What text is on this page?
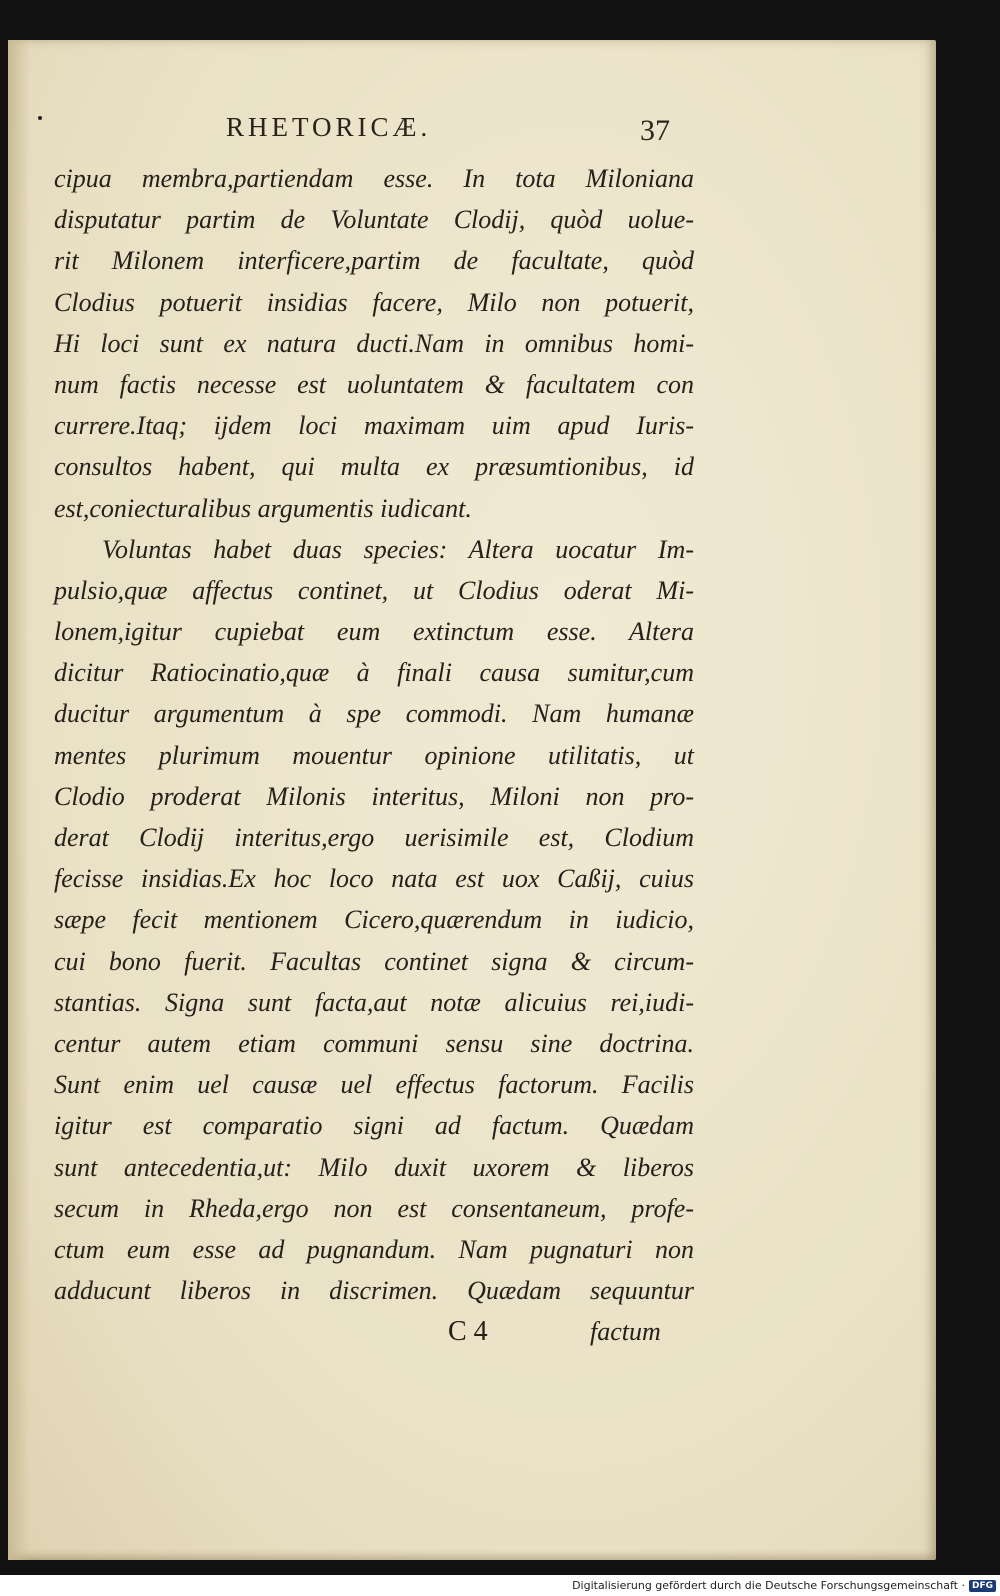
RHETORICÆ.	37
cipua membra,partiendam esse. In tota Miloniana
disputatur partim de Voluntate Clodij, quòd uolue-
rit Milonem interficere,partim de facultate, quòd
Clodius potuerit insidias facere, Milo non potuerit,
Hi loci sunt ex natura ducti.Nam in omnibus homi-
num factis necesse est uoluntatem & facultatem con
currere.Itaq; ijdem loci maximam uim apud Iuris-
consultos habent, qui multa ex præsumtionibus, id
est,coniecturalibus argumentis iudicant.
Voluntas habet duas species: Altera uocatur Im-
pulsio,quæ affectus continet, ut Clodius oderat Mi-
lonem,igitur cupiebat eum extinctum esse. Altera
dicitur Ratiocinatio,quæ à finali causa sumitur,cum
ducitur argumentum à spe commodi. Nam humanæ
mentes plurimum mouentur opinione utilitatis, ut
Clodio proderat Milonis interitus, Miloni non pro-
derat Clodij interitus,ergo uerisimile est, Clodium
fecisse insidias.Ex hoc loco nata est uox Caßij, cuius
sæpe fecit mentionem Cicero,quærendum in iudicio,
cui bono fuerit. Facultas continet signa & circum-
stantias. Signa sunt facta,aut notæ alicuius rei,iudi-
centur autem etiam communi sensu sine doctrina.
Sunt enim uel causæ uel effectus factorum. Facilis
igitur est comparatio signi ad factum. Quædam
sunt antecedentia,ut: Milo duxit uxorem & liberos
secum in Rheda,ergo non est consentaneum, profe-
ctum eum esse ad pugnandum. Nam pugnaturi non
adducunt liberos in discrimen. Quædam sequuntur
C 4	factum
Digitalisierung gefördert durch die Deutsche Forschungsgemeinschaft · DFG
